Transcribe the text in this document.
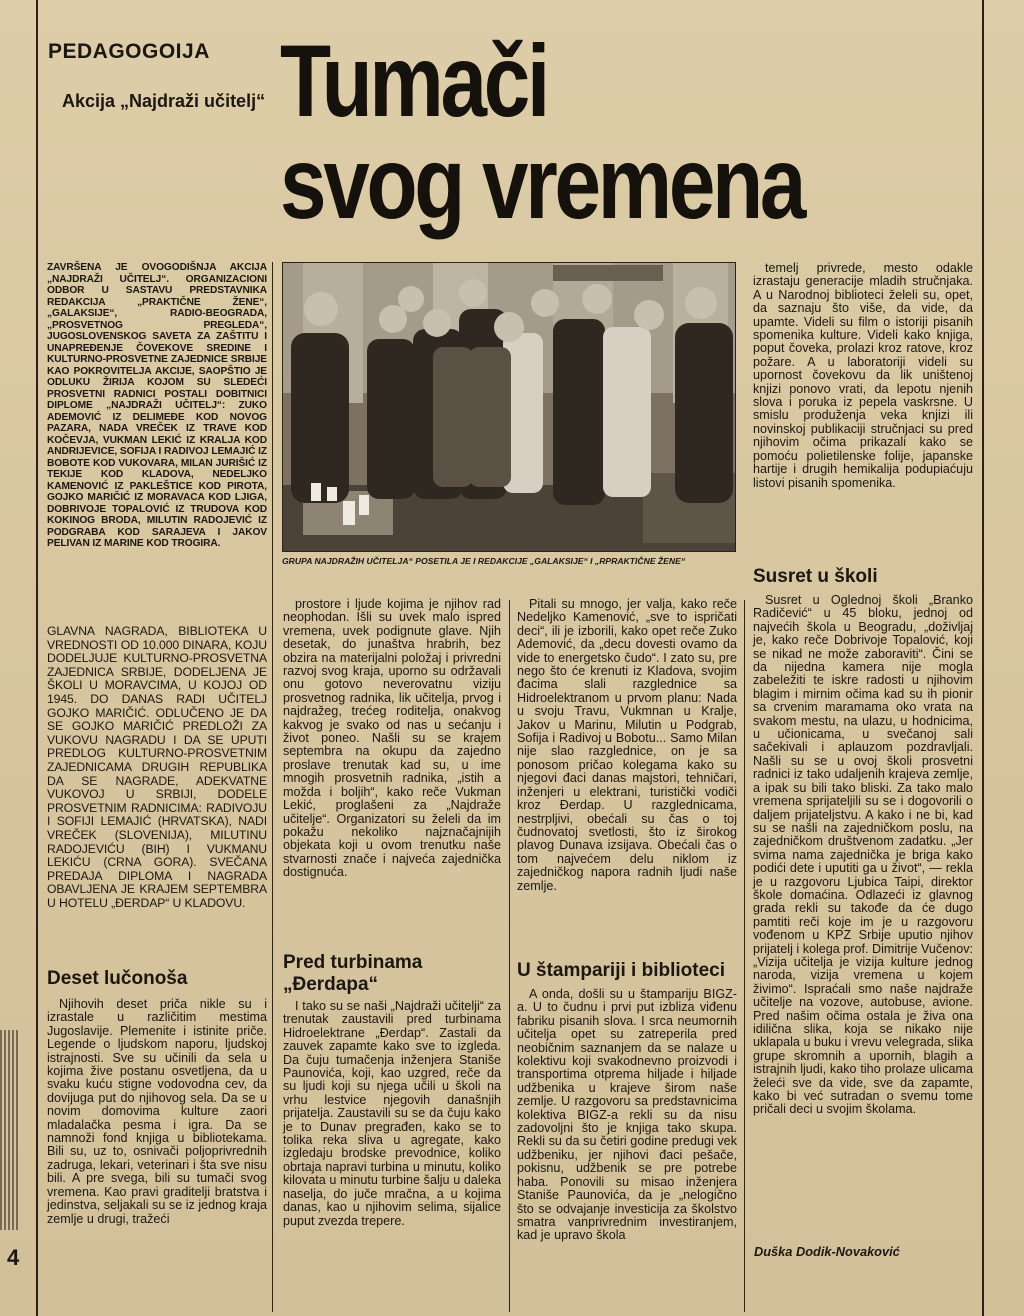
PEDAGOGOIJA
Akcija „Najdraži učitelj“ Tumači
svog vremena
ZAVRŠENA JE OVOGODIŠNJA AKCIJA „NAJDRAŽI UČITELJ“. ORGANIZACIONI ODBOR U SASTAVU PREDSTAVNIKA REDAKCIJA „PRAKTIČNE ŽENE“, „GALAKSIJE“, RADIO-BEOGRADA, „PROSVETNOG PREGLEDA“, JUGOSLOVENSKOG SAVETA ZA ZAŠTITU I UNAPREĐENJE ČOVEKOVE SREDINE I KULTURNO-PROSVETNE ZAJEDNICE SRBIJE KAO POKROVITELJA AKCIJE, SAOPŠTIO JE ODLUKU ŽIRIJA KOJOM SU SLEDEĆI PROSVETNI RADNICI POSTALI DOBITNICI DIPLOME „NAJDRAŽI UČITELJ“: ZUKO ADEMOVIĆ IZ DELIMEĐE KOD NOVOG PAZARA, NADA VREČEK IZ TRAVE KOD KOČEVJA, VUKMAN LEKIĆ IZ KRALJA KOD ANDRIJEVICE, SOFIJA I RADIVOJ LEMAJIĆ IZ BOBOTE KOD VUKOVARA, MILAN JURIŠIĆ IZ TEKIJE KOD KLADOVA, NEDELJKO KAMENOVIĆ IZ PAKLEŠTICE KOD PIROTA, GOJKO MARIČIĆ IZ MORAVACA KOD LJIGA, DOBRIVOJE TOPALOVIĆ IZ TRUDOVA KOD KOKINOG BRODA, MILUTIN RADOJEVIĆ IZ PODGRABA KOD SARAJEVA I JAKOV PELIVAN IZ MARINE KOD TROGIRA.
GLAVNA NAGRADA, BIBLIOTEKA U VREDNOSTI OD 10.000 DINARA, KOJU DODELJUJE KULTURNO-PROSVETNA ZAJEDNICA SRBIJE, DODELJENA JE ŠKOLI U MORAVCIMA, U KOJOJ OD 1945. DO DANAS RADI UČITELJ GOJKO MARIČIĆ. ODLUČENO JE DA SE GOJKO MARIČIĆ PREDLOŽI ZA VUKOVU NAGRADU I DA SE UPUTI PREDLOG KULTURNO-PROSVETNIM ZAJEDNICAMA DRUGIH REPUBLIKA DA SE NAGRADE, ADEKVATNE VUKOVOJ U SRBIJI, DODELE PROSVETNIM RADNICIMA: RADIVOJU I SOFIJI LEMAJIĆ (HRVATSKA), NADI VREČEK (SLOVENIJA), MILUTINU RADOJEVIĆU (BIH) I VUKMANU LEKIĆU (CRNA GORA). SVEČANA PREDAJA DIPLOMA I NAGRADA OBAVLJENA JE KRAJEM SEPTEMBRA U HOTELU „ĐERDAP“ U KLADOVU.
GRUPA NAJDRAŽIH UČITELJA“ POSETILA JE I REDAKCIJE „GALAKSIJE“ I „RPRAKTIČNE ŽENE“
Deset lučonoša

Njihovih deset priča nikle su i izrastale u različitim mestima Jugoslavije. Plemenite i istinite priče. Legende o ljudskom naporu, ljudskoj istrajnosti. Sve su učinili da sela u kojima žive postanu osvetljena, da u svaku kuću stigne vodovodna cev, da dovijuga put do njihovog sela. Da se u novim domovima kulture zaori mladalačka pesma i igra. Da se namnoži fond knjiga u bibliotekama. Bili su, uz to, osnivači poljoprivrednih zadruga, lekari, veterinari i šta sve nisu bili. A pre svega, bili su tumači svog vremena. Kao pravi graditelji bratstva i jedinstva, seljakali su se iz jednog kraja zemlje u drugi, tražeći

prostore i ljude kojima je njihov rad neophodan. Išli su uvek malo ispred vremena, uvek podignute glave. Njih desetak, do junaštva hrabrih, bez obzira na materijalni položaj i privredni razvoj svog kraja, uporno su održavali onu gotovo neverovatnu viziju prosvetnog radnika, lik učitelja, prvog i najdražeg, trećeg roditelja, onakvog kakvog je svako od nas u sećanju i život poneo. Našli su se krajem septembra na okupu da zajedno proslave trenutak kad su, u ime mnogih prosvetnih radnika, „istih a možda i boljih“, kako reče Vukman Lekić, proglašeni za „Najdraže učitelje“. Organizatori su želeli da im pokažu nekoliko najznačajnijih objekata koji u ovom trenutku naše stvarnosti znače i najveća zajednička dostignuća.

Pred turbinama „Đerdapa“

I tako su se naši „Najdraži učitelji“ za trenutak zaustavili pred turbinama Hidroelektrane „Đerdap“. Zastali da zauvek zapamte kako sve to izgleda. Da čuju tumačenja inženjera Staniše Paunovića, koji, kao uzgred, reče da su ljudi koji su njega učili u školi na vrhu lestvice njegovih današnjih prijatelja. Zaustavili su se da čuju kako je to Dunav pregrađen, kako se to tolika reka sliva u agregate, kako izgledaju brodske prevodnice, koliko obrtaja napravi turbina u minutu, koliko kilovata u minutu turbine šalju u daleka naselja, do juče mračna, a u kojima danas, kao u njihovim selima, sijalice puput zvezda trepere.

Pitali su mnogo, jer valja, kako reče Nedeljko Kamenović, „sve to ispričati deci“, ili je izborili, kako opet reče Zuko Ademović, da „decu dovesti ovamo da vide to energetsko čudo“. I zato su, pre nego što će krenuti iz Kladova, svojim đacima slali razglednice sa Hidroelektranom u prvom planu: Nada u svoju Travu, Vukmnan u Kralje, Jakov u Marinu, Milutin u Podgrab, Sofija i Radivoj u Bobotu... Samo Milan nije slao razglednice, on je sa ponosom pričao kolegama kako su njegovi đaci danas majstori, tehničari, inženjeri u elektrani, turistički vodiči kroz Đerdap. U razglednicama, nestrpljivi, obećali su čas o toj čudnovatoj svetlosti, što iz širokog plavog Dunava izsijava. Obećali čas o tom najvećem delu niklom iz zajedničkog napora radnih ljudi naše zemlje.

U štampariji i biblioteci

A onda, došli su u štampariju BIGZ-a. U to čudnu i prvi put izbliza viđenu fabriku pisanih slova. I srca neumornih učitelja opet su zatreperila pred neobičnim saznanjem da se nalaze u kolektivu koji svakodnevno proizvodi i transportima otprema hiljade i hiljade udžbenika u krajeve širom naše zemlje. U razgovoru sa predstavnicima kolektiva BIGZ-a rekli su da nisu zadovoljni što je knjiga tako skupa. Rekli su da su četiri godine predugi vek udžbeniku, jer njihovi đaci pešače, pokisnu, udžbenik se pre potrebe haba. Ponovili su misao inženjera Staniše Paunovića, da je „nelogično što se odvajanje investicija za školstvo smatra vanprivrednim investiranjem, kad je upravo škola

temelj privrede, mesto odakle izrastaju generacije mladih stručnjaka. A u Narodnoj biblioteci želeli su, opet, da saznaju što više, da vide, da upamte. Videli su film o istoriji pisanih spomenika kulture. Videli kako knjiga, poput čoveka, prolazi kroz ratove, kroz požare. A u laboratoriji videli su upornost čovekovu da lik uništenoj knjizi ponovo vrati, da lepotu njenih slova i poruka iz pepela vaskrsne. U smislu produženja veka knjizi ili novinskoj publikaciji stručnjaci su pred njihovim očima prikazali kako se pomoću polietilenske folije, japanske hartije i drugih hemikalija podupiaćuju listovi pisanih spomenika.

Susret u školi

Susret u Oglednoj školi „Branko Radičević“ u 45 bloku, jednoj od najvećih škola u Beogradu, „doživljaj je, kako reče Dobrivoje Topalović, koji se nikad ne može zaboraviti“. Čini se da nijedna kamera nije mogla zabeležiti te iskre radosti u njihovim blagim i mirnim očima kad su ih pionir sa crvenim maramama oko vrata na svakom mestu, na ulazu, u hodnicima, u učionicama, u svečanoj sali sačekivali i aplauzom pozdravljali. Našli su se u ovoj školi prosvetni radnici iz tako udaljenih krajeva zemlje, a ipak su bili tako bliski. Za tako malo vremena sprijateljili su se i dogovorili o daljem prijateljstvu. A kako i ne bi, kad su se našli na zajedničkom poslu, na zajedničkom društvenom zadatku. „Jer svima nama zajednička je briga kako podići dete i uputiti ga u život“, — rekla je u razgovoru Ljubica Taipi, direktor škole domaćina. Odlazeći iz glavnog grada rekli su takođe da će dugo pamtiti reči koje im je u razgovoru vođenom u KPZ Srbije uputio njihov prijatelj i kolega prof. Dimitrije Vučenov: „Vizija učitelja je vizija kulture jednog naroda, vizija vremena u kojem živimo“. Ispraćali smo naše najdraže učitelje na vozove, autobuse, avione. Pred našim očima ostala je živa ona idilična slika, koja se nikako nije uklapala u buku i vrevu velegrada, slika grupe skromnih a upornih, blagih a istrajnih ljudi, kako tiho prolaze ulicama želeći sve da vide, sve da zapamte, kako bi već sutradan o svemu tome pričali deci u svojim školama.

Duška Dodik-Novaković
4
